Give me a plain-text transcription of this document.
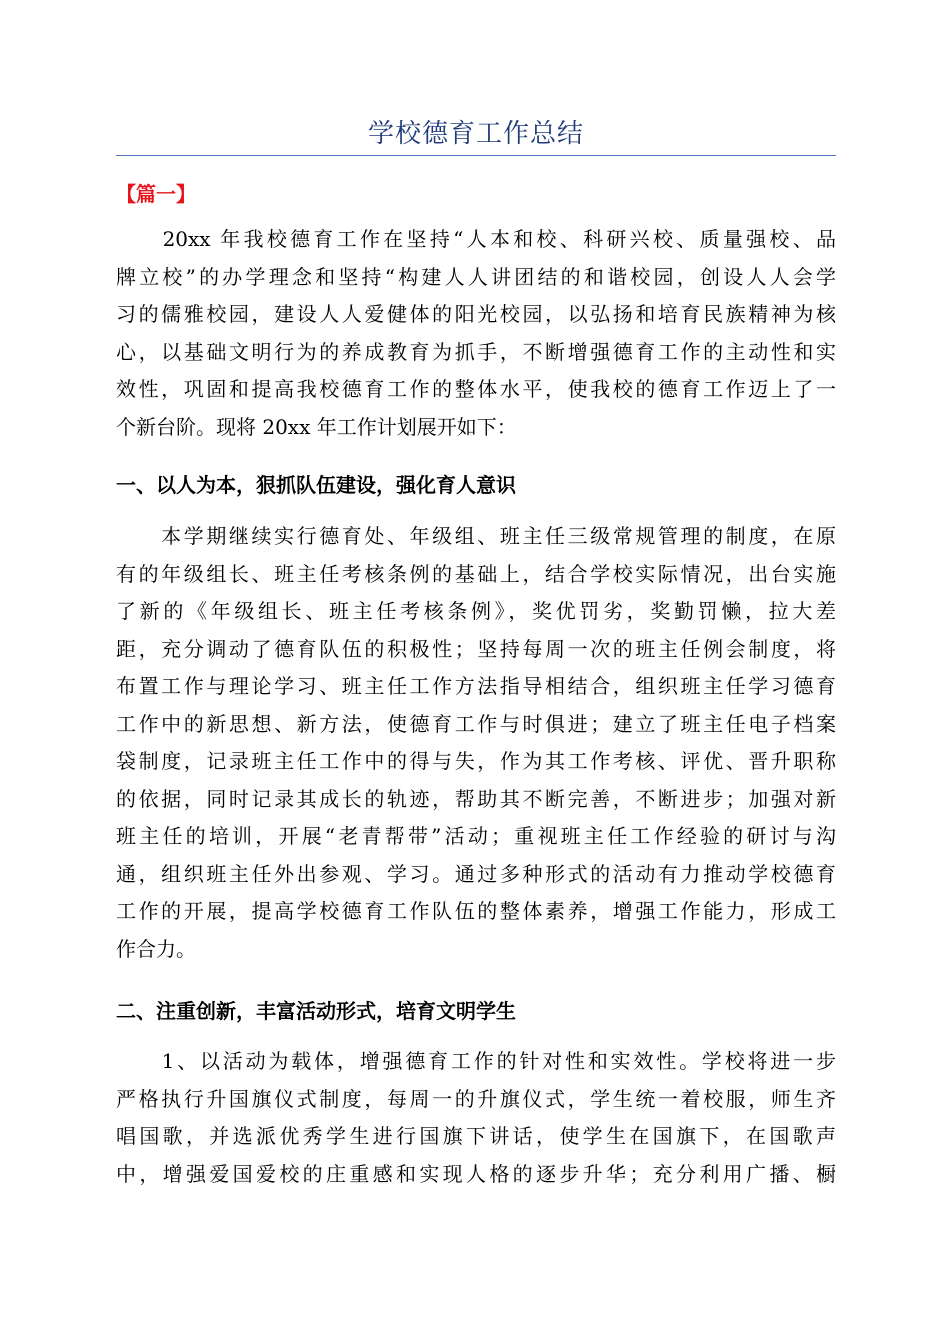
学校德育工作总结
【篇一】
　　20xx 年我校德育工作在坚持“人本和校、科研兴校、质量强校、品
牌立校”的办学理念和坚持“构建人人讲团结的和谐校园，创设人人会学
习的儒雅校园，建设人人爱健体的阳光校园，以弘扬和培育民族精神为核
心，以基础文明行为的养成教育为抓手，不断增强德育工作的主动性和实
效性，巩固和提高我校德育工作的整体水平，使我校的德育工作迈上了一
个新台阶。现将 20xx 年工作计划展开如下：
一、以人为本，狠抓队伍建设，强化育人意识
　　本学期继续实行德育处、年级组、班主任三级常规管理的制度，在原
有的年级组长、班主任考核条例的基础上，结合学校实际情况，出台实施
了新的《年级组长、班主任考核条例》，奖优罚劣，奖勤罚懒，拉大差
距，充分调动了德育队伍的积极性；坚持每周一次的班主任例会制度，将
布置工作与理论学习、班主任工作方法指导相结合，组织班主任学习德育
工作中的新思想、新方法，使德育工作与时俱进；建立了班主任电子档案
袋制度，记录班主任工作中的得与失，作为其工作考核、评优、晋升职称
的依据，同时记录其成长的轨迹，帮助其不断完善，不断进步；加强对新
班主任的培训，开展“老青帮带”活动；重视班主任工作经验的研讨与沟
通，组织班主任外出参观、学习。通过多种形式的活动有力推动学校德育
工作的开展，提高学校德育工作队伍的整体素养，增强工作能力，形成工
作合力。
二、注重创新，丰富活动形式，培育文明学生
　　1、以活动为载体，增强德育工作的针对性和实效性。学校将进一步
严格执行升国旗仪式制度，每周一的升旗仪式，学生统一着校服，师生齐
唱国歌，并选派优秀学生进行国旗下讲话，使学生在国旗下，在国歌声
中，增强爱国爱校的庄重感和实现人格的逐步升华；充分利用广播、橱
